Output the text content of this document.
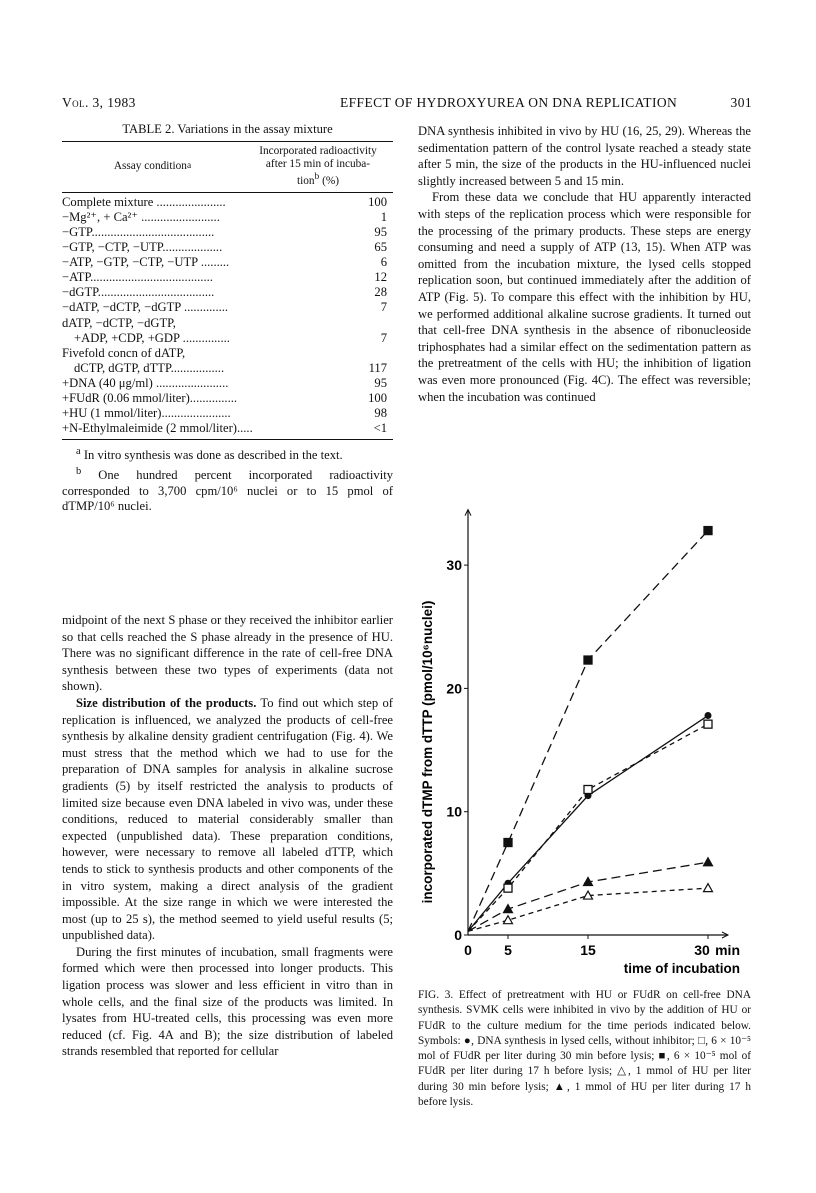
Vol. 3, 1983	EFFECT OF HYDROXYUREA ON DNA REPLICATION	301
TABLE 2. Variations in the assay mixture
Assay condition a
Incorporated radioactivity
after 15 min of incuba-
tion$^b$ (%)
Complete mixture ......................	100
−Mg²⁺, + Ca²⁺ .........................	1
−GTP.......................................	95
−GTP, −CTP, −UTP...................	65
−ATP, −GTP, −CTP, −UTP .........	6
−ATP.......................................	12
−dGTP.....................................	28
−dATP, −dCTP, −dGTP ..............	7
dATP, −dCTP, −dGTP,
+ADP, +CDP, +GDP ...............	7
Fivefold concn of dATP,
dCTP, dGTP, dTTP.................	117
+DNA (40 μg/ml) .......................	95
+FUdR (0.06 mmol/liter)...............	100
+HU (1 mmol/liter)......................	98
+N-Ethylmaleimide (2 mmol/liter).....	<1

$^a$ In vitro synthesis was done as described in the text.

$^b$ One hundred percent incorporated radioactivity corresponded to 3,700 cpm/10⁶ nuclei or to 15 pmol of dTMP/10⁶ nuclei.

midpoint of the next S phase or they received the inhibitor earlier so that cells reached the S phase already in the presence of HU. There was no significant difference in the rate of cell-free DNA synthesis between these two types of experiments (data not shown).

Size distribution of the products. To find out which step of replication is influenced, we analyzed the products of cell-free synthesis by alkaline density gradient centrifugation (Fig. 4). We must stress that the method which we had to use for the preparation of DNA samples for analysis in alkaline sucrose gradients (5) by itself restricted the analysis to products of limited size because even DNA labeled in vivo was, under these conditions, reduced to material considerably smaller than expected (unpublished data). These preparation conditions, however, were necessary to remove all labeled dTTP, which tends to stick to synthesis products and other components of the in vitro system, making a direct analysis of the gradient impossible. At the size range in which we were interested the most (up to 25 s), the method seemed to yield useful results (5; unpublished data).

During the first minutes of incubation, small fragments were formed which were then processed into longer products. This ligation process was slower and less efficient in vitro than in whole cells, and the final size of the products was limited. In lysates from HU-treated cells, this processing was even more reduced (cf. Fig. 4A and B); the size distribution of labeled strands resembled that reported for cellular

DNA synthesis inhibited in vivo by HU (16, 25, 29). Whereas the sedimentation pattern of the control lysate reached a steady state after 5 min, the size of the products in the HU-influenced nuclei slightly increased between 5 and 15 min.

From these data we conclude that HU apparently interacted with steps of the replication process which were responsible for the processing of the primary products. These steps are energy consuming and need a supply of ATP (13, 15). When ATP was omitted from the incubation mixture, the lysed cells stopped replication soon, but continued immediately after the addition of ATP (Fig. 5). To compare this effect with the inhibition by HU, we performed additional alkaline sucrose gradients. It turned out that cell-free DNA synthesis in the absence of ribonucleoside triphosphates had a similar effect on the sedimentation pattern as the pretreatment of the cells with HU; the inhibition of ligation was even more pronounced (Fig. 4C). The effect was reversible; when the incubation was continued

0
10
20
30
0 5	15	30
incorporated dTMP from dTTP (pmol/10⁶nuclei)
time of incubation
min
FIG. 3. Effect of pretreatment with HU or FUdR on cell-free DNA synthesis. SVMK cells were inhibited in vivo by the addition of HU or FUdR to the culture medium for the time periods indicated below. Symbols: ●, DNA synthesis in lysed cells, without inhibitor; □, 6 × 10⁻⁵ mol of FUdR per liter during 30 min before lysis; ■, 6 × 10⁻⁵ mol of FUdR per liter during 17 h before lysis; △, 1 mmol of HU per liter during 30 min before lysis; ▲, 1 mmol of HU per liter during 17 h before lysis.
